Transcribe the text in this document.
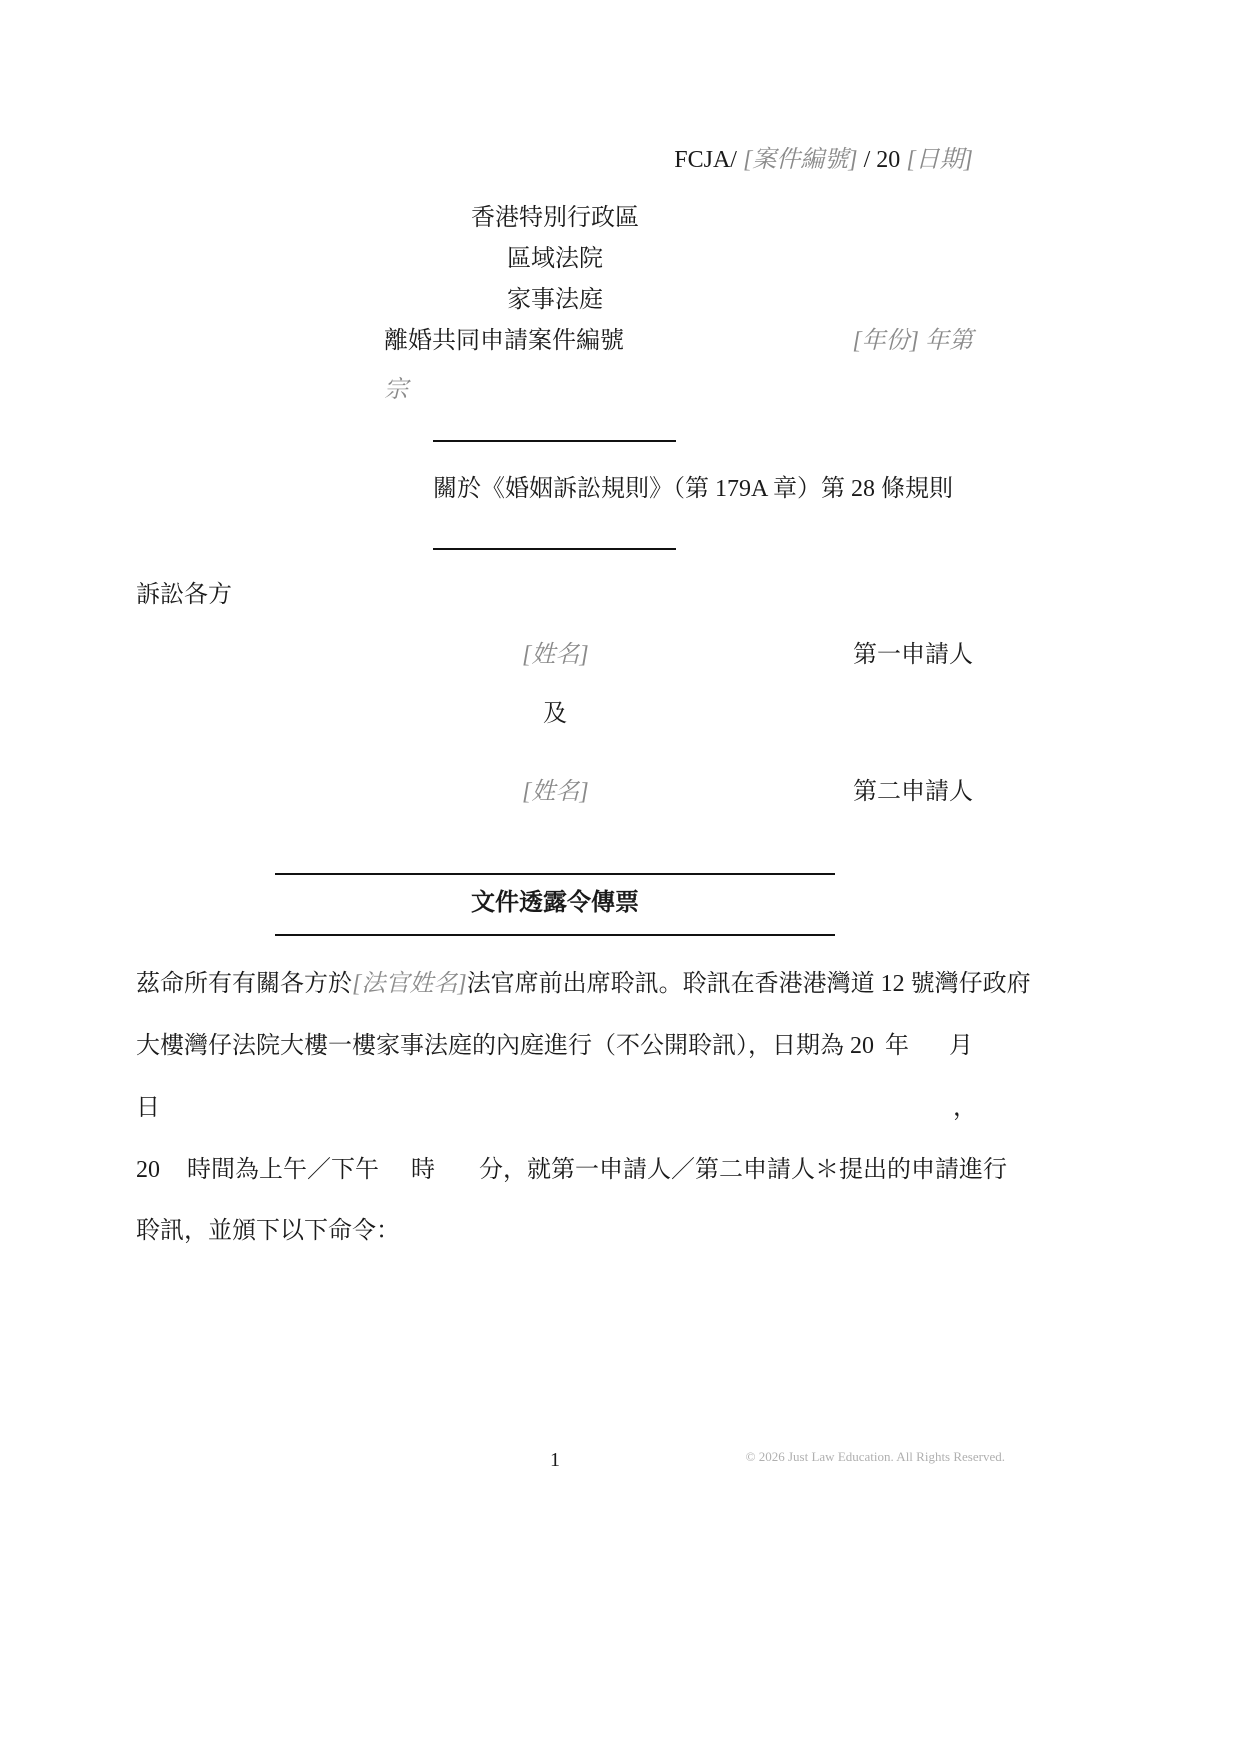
FCJA/ [案件編號] / 20 [日期]
香港特別行政區
區域法院
家事法庭
離婚共同申請案件編號	[年份] 年第
宗
關於《婚姻訴訟規則》（第 179A 章）第 28 條規則
訴訟各方
[姓名]	第一申請人
及
[姓名]	第二申請人
文件透露令傳票
茲命所有有關各方於[法官姓名]法官席前出席聆訊。聆訊在香港港灣道 12 號灣仔政府
大樓灣仔法院大樓一樓家事法庭的內庭進行（不公開聆訊），日期為 20 年 月
日	，
20 時間為上午／下午 時 分，就第一申請人／第二申請人＊提出的申請進行
聆訊，並頒下以下命令：
1	© 2026 Just Law Education. All Rights Reserved.
